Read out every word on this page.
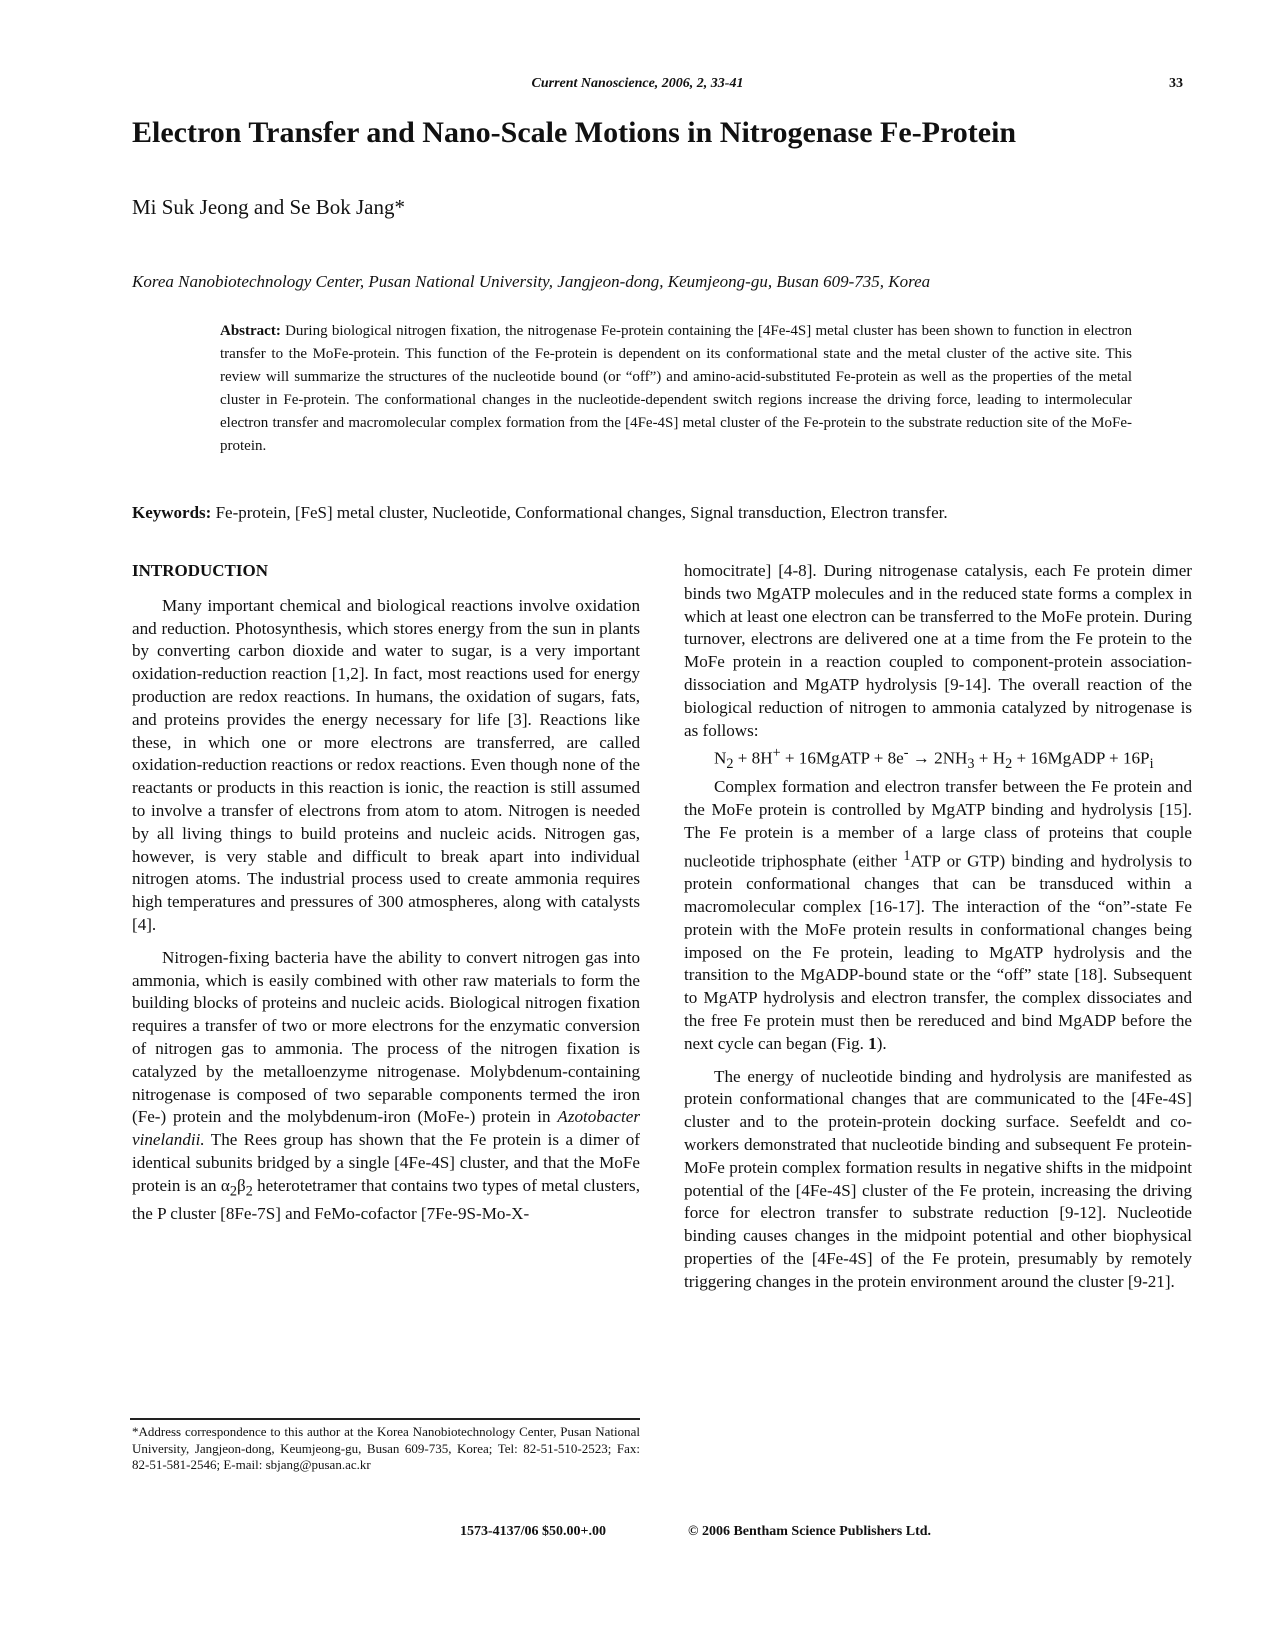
Current Nanoscience, 2006, 2, 33-41	33
Electron Transfer and Nano-Scale Motions in Nitrogenase Fe-Protein
Mi Suk Jeong and Se Bok Jang*
Korea Nanobiotechnology Center, Pusan National University, Jangjeon-dong, Keumjeong-gu, Busan 609-735, Korea
Abstract: During biological nitrogen fixation, the nitrogenase Fe-protein containing the [4Fe-4S] metal cluster has been shown to function in electron transfer to the MoFe-protein. This function of the Fe-protein is dependent on its conformational state and the metal cluster of the active site. This review will summarize the structures of the nucleotide bound (or “off”) and amino-acid-substituted Fe-protein as well as the properties of the metal cluster in Fe-protein. The conformational changes in the nucleotide-dependent switch regions increase the driving force, leading to intermolecular electron transfer and macromolecular complex formation from the [4Fe-4S] metal cluster of the Fe-protein to the substrate reduction site of the MoFe-protein.
Keywords: Fe-protein, [FeS] metal cluster, Nucleotide, Conformational changes, Signal transduction, Electron transfer.
INTRODUCTION

Many important chemical and biological reactions involve oxidation and reduction. Photosynthesis, which stores energy from the sun in plants by converting carbon dioxide and water to sugar, is a very important oxidation-reduction reaction [1,2]. In fact, most reactions used for energy production are redox reactions. In humans, the oxidation of sugars, fats, and proteins provides the energy necessary for life [3]. Reactions like these, in which one or more electrons are transferred, are called oxidation-reduction reactions or redox reactions. Even though none of the reactants or products in this reaction is ionic, the reaction is still assumed to involve a transfer of electrons from atom to atom. Nitrogen is needed by all living things to build proteins and nucleic acids. Nitrogen gas, however, is very stable and difficult to break apart into individual nitrogen atoms. The industrial process used to create ammonia requires high temperatures and pressures of 300 atmospheres, along with catalysts [4].

Nitrogen-fixing bacteria have the ability to convert nitrogen gas into ammonia, which is easily combined with other raw materials to form the building blocks of proteins and nucleic acids. Biological nitrogen fixation requires a transfer of two or more electrons for the enzymatic conversion of nitrogen gas to ammonia. The process of the nitrogen fixation is catalyzed by the metalloenzyme nitrogenase. Molybdenum-containing nitrogenase is composed of two separable components termed the iron (Fe-) protein and the molybdenum-iron (MoFe-) protein in Azotobacter vinelandii. The Rees group has shown that the Fe protein is a dimer of identical subunits bridged by a single [4Fe-4S] cluster, and that the MoFe protein is an $\alpha_2\beta_2$ heterotetramer that contains two types of metal clusters, the P cluster [8Fe-7S] and FeMo-cofactor [7Fe-9S-Mo-X-

homocitrate] [4-8]. During nitrogenase catalysis, each Fe protein dimer binds two MgATP molecules and in the reduced state forms a complex in which at least one electron can be transferred to the MoFe protein. During turnover, electrons are delivered one at a time from the Fe protein to the MoFe protein in a reaction coupled to component-protein association-dissociation and MgATP hydrolysis [9-14]. The overall reaction of the biological reduction of nitrogen to ammonia catalyzed by nitrogenase is as follows:

$N_2 + 8H^+$ + 16MgATP + $8e^- \to 2NH_3 + H_2$ + 16MgADP + $16P_i$

Complex formation and electron transfer between the Fe protein and the MoFe protein is controlled by MgATP binding and hydrolysis [15]. The Fe protein is a member of a large class of proteins that couple nucleotide triphosphate (either $^1$ATP or GTP) binding and hydrolysis to protein conformational changes that can be transduced within a macromolecular complex [16-17]. The interaction of the “on”-state Fe protein with the MoFe protein results in conformational changes being imposed on the Fe protein, leading to MgATP hydrolysis and the transition to the MgADP-bound state or the “off” state [18]. Subsequent to MgATP hydrolysis and electron transfer, the complex dissociates and the free Fe protein must then be rereduced and bind MgADP before the next cycle can began (Fig. 1).

The energy of nucleotide binding and hydrolysis are manifested as protein conformational changes that are communicated to the [4Fe-4S] cluster and to the protein-protein docking surface. Seefeldt and co-workers demonstrated that nucleotide binding and subsequent Fe protein-MoFe protein complex formation results in negative shifts in the midpoint potential of the [4Fe-4S] cluster of the Fe protein, increasing the driving force for electron transfer to substrate reduction [9-12]. Nucleotide binding causes changes in the midpoint potential and other biophysical properties of the [4Fe-4S] of the Fe protein, presumably by remotely triggering changes in the protein environment around the cluster [9-21].

*Address correspondence to this author at the Korea Nanobiotechnology Center, Pusan National University, Jangjeon-dong, Keumjeong-gu, Busan 609-735, Korea; Tel: 82-51-510-2523; Fax: 82-51-581-2546; E-mail: sbjang@pusan.ac.kr
1573-4137/06 $50.00+.00	© 2006 Bentham Science Publishers Ltd.
